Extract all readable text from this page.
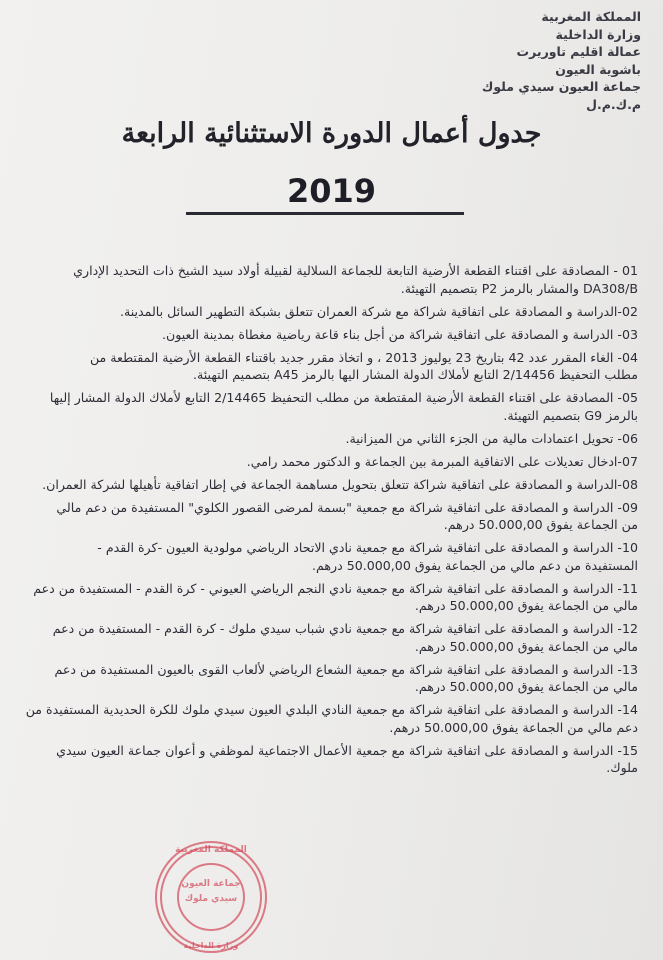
المملكة المغربية
وزارة الداخلية
عمالة اقليم تاوريرت
باشوية العيون
جماعة العيون سيدي ملوك
م.ك.م.ل
جدول أعمال الدورة الاستثنائية الرابعة
2019
01 - المصادقة على اقتناء القطعة الأرضية التابعة للجماعة السلالية لقبيلة أولاد سيد الشيخ ذات التحديد الإداري
DA308/B والمشار بالرمز P2 بتصميم التهيئة.
02-الدراسة و المصادقة على اتفاقية شراكة مع شركة العمران تتعلق بشبكة التطهير السائل بالمدينة.
03- الدراسة و المصادقة على اتفاقية شراكة من أجل بناء قاعة رياضية مغطاة بمدينة العيون.
04- الغاء المقرر عدد 42 بتاريخ 23 يوليوز 2013 ، و اتخاذ مقرر جديد باقتناء القطعة الأرضية المقتطعة من
مطلب التحفيظ 2/14456 التابع لأملاك الدولة المشار اليها بالرمز A45 بتصميم التهيئة.
05- المصادقة على اقتناء القطعة الأرضية المقتطعة من مطلب التحفيظ 2/14465 التابع لأملاك الدولة المشار إليها
بالرمز G9 بتصميم التهيئة.
06- تحويل اعتمادات مالية من الجزء الثاني من الميزانية.
07-ادخال تعديلات على الاتفاقية المبرمة بين الجماعة و الدكتور محمد رامي.
08-الدراسة و المصادقة على اتفاقية شراكة تتعلق بتحويل مساهمة الجماعة في إطار اتفاقية تأهيلها لشركة العمران.
09- الدراسة و المصادقة على اتفاقية شراكة مع جمعية "بسمة لمرضى القصور الكلوي" المستفيدة من دعم مالي
من الجماعة يفوق 50.000,00 درهم.
10- الدراسة و المصادقة على اتفاقية شراكة مع جمعية نادي الاتحاد الرياضي مولودية العيون -كرة القدم -
المستفيدة من دعم مالي من الجماعة يفوق 50.000,00 درهم.
11- الدراسة و المصادقة على اتفاقية شراكة مع جمعية نادي النجم الرياضي العيوني - كرة القدم - المستفيدة من دعم
مالي من الجماعة يفوق 50.000,00 درهم.
12- الدراسة و المصادقة على اتفاقية شراكة مع جمعية نادي شباب سيدي ملوك - كرة القدم - المستفيدة من دعم
مالي من الجماعة يفوق 50.000,00 درهم.
13- الدراسة و المصادقة على اتفاقية شراكة مع جمعية الشعاع الرياضي لألعاب القوى بالعيون المستفيدة من دعم
مالي من الجماعة يفوق 50.000,00 درهم.
14- الدراسة و المصادقة على اتفاقية شراكة مع جمعية النادي البلدي العيون سيدي ملوك للكرة الحديدية المستفيدة من
دعم مالي من الجماعة يفوق 50.000,00 درهم.
15- الدراسة و المصادقة على اتفاقية شراكة مع جمعية الأعمال الاجتماعية لموظفي و أعوان جماعة العيون سيدي
ملوك.
المملكة المغربية
جماعة العيون
سيدي ملوك
وزارة الداخلية
